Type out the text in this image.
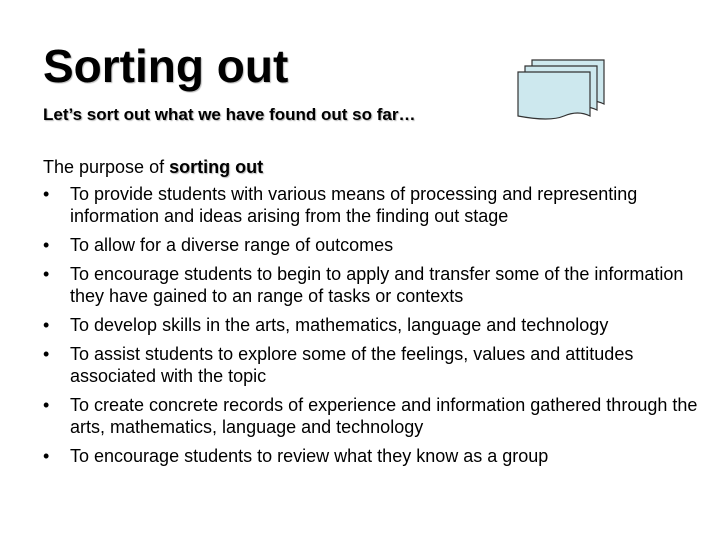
Sorting out
Let’s sort out what we have found out so far…
The purpose of sorting out
•	To provide students with various means of processing and representing information and ideas arising from the finding out stage
•	To allow for a diverse range of outcomes
•	To encourage students to begin to apply and transfer some of the information they have gained to an range of tasks or contexts
•	To develop skills in the arts, mathematics, language and technology
•	To assist students to explore some of the feelings, values and attitudes associated with the topic
•	To create concrete records of experience and information gathered through the arts, mathematics, language and technology
•	To encourage students to review what they know as a group
